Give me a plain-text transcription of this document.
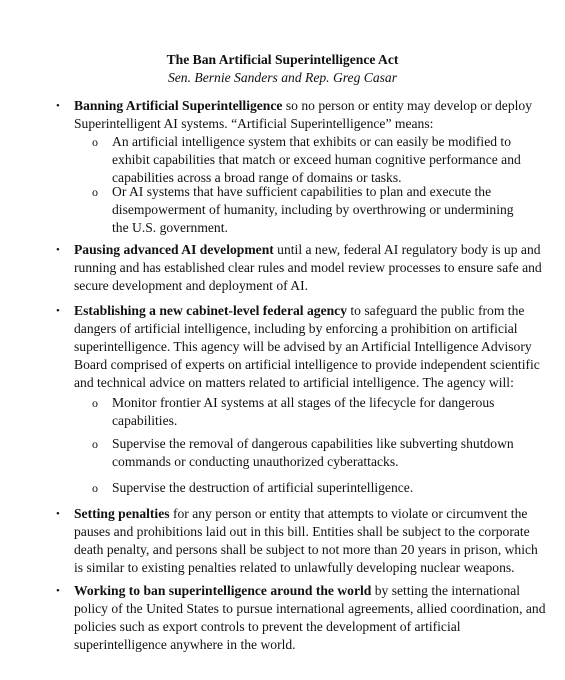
The Ban Artificial Superintelligence Act
Sen. Bernie Sanders and Rep. Greg Casar
• Banning Artificial Superintelligence so no person or entity may develop or deploy Superintelligent AI systems. “Artificial Superintelligence” means:

o An artificial intelligence system that exhibits or can easily be modified to exhibit capabilities that match or exceed human cognitive performance and capabilities across a broad range of domains or tasks.

o Or AI systems that have sufficient capabilities to plan and execute the disempowerment of humanity, including by overthrowing or undermining the U.S. government.

• Pausing advanced AI development until a new, federal AI regulatory body is up and running and has established clear rules and model review processes to ensure safe and secure development and deployment of AI.

• Establishing a new cabinet-level federal agency to safeguard the public from the dangers of artificial intelligence, including by enforcing a prohibition on artificial superintelligence. This agency will be advised by an Artificial Intelligence Advisory Board comprised of experts on artificial intelligence to provide independent scientific and technical advice on matters related to artificial intelligence. The agency will:

o Monitor frontier AI systems at all stages of the lifecycle for dangerous capabilities.

o Supervise the removal of dangerous capabilities like subverting shutdown commands or conducting unauthorized cyberattacks.

o Supervise the destruction of artificial superintelligence.

• Setting penalties for any person or entity that attempts to violate or circumvent the pauses and prohibitions laid out in this bill. Entities shall be subject to the corporate death penalty, and persons shall be subject to not more than 20 years in prison, which is similar to existing penalties related to unlawfully developing nuclear weapons.

• Working to ban superintelligence around the world by setting the international policy of the United States to pursue international agreements, allied coordination, and policies such as export controls to prevent the development of artificial superintelligence anywhere in the world.
